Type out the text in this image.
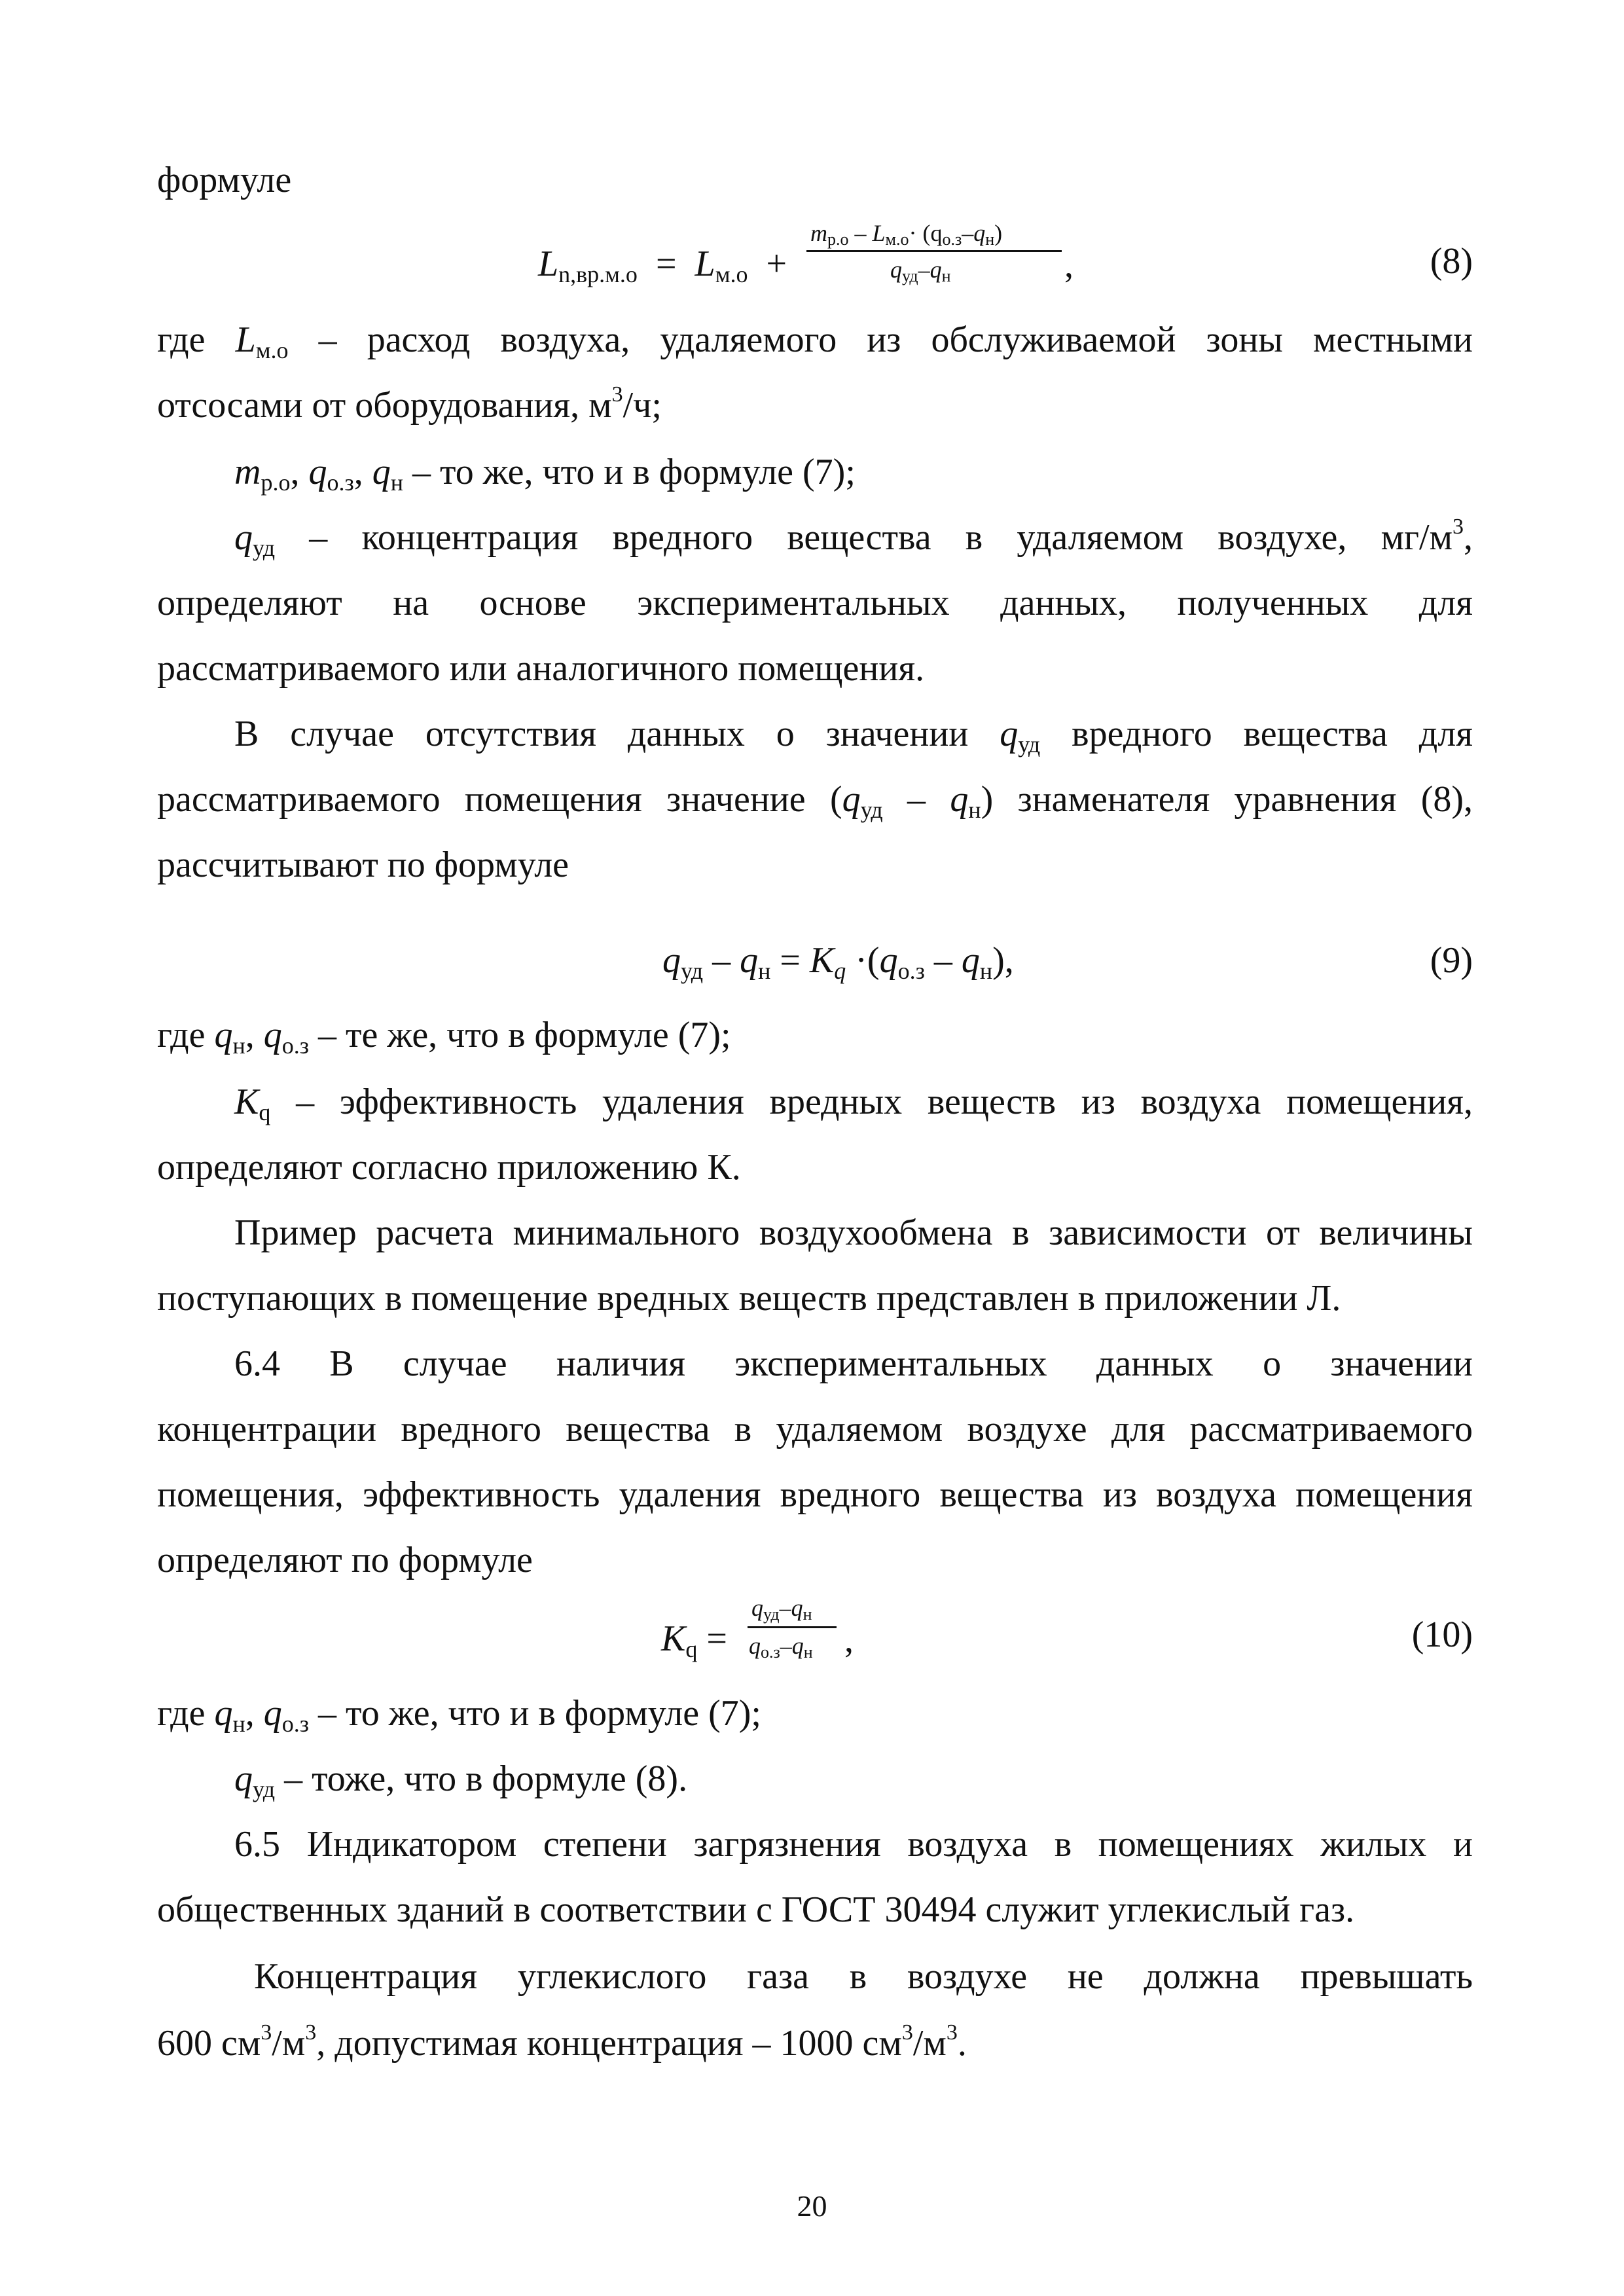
формуле
$L_{n,вр.м.о} = L_{м.о}$ +
$m_{р.о} - L_{м.о}\cdot (q_{о.з}-q_н)$
$q_{уд}-q_н$	,	(8)
где $L_{м.о}$ – расход воздуха, удаляемого из обслуживаемой зоны местными
отсосами от оборудования, $м^3/ч$;
$m_{р.о}$, $q_{о.з}$, $q_н$ – то же, что и в формуле (7);
$q_{уд}$ – концентрация вредного вещества в удаляемом воздухе, $мг/м^3$,
определяют на основе экспериментальных данных, полученных для
рассматриваемого или аналогичного помещения.
В случае отсутствия данных о значении $q_{уд}$ вредного вещества для
рассматриваемого помещения значение $(q_{уд} - q_н)$ знаменателя уравнения (8),
рассчитывают по формуле
$q_{уд} - q_н = K_q \cdot(q_{о.з} - q_н)$,	(9)
где $q_н$, $q_{о.з}$ – те же, что в формуле (7);
$K_q$ – эффективность удаления вредных веществ из воздуха помещения,
определяют согласно приложению К.
Пример расчета минимального воздухообмена в зависимости от величины
поступающих в помещение вредных веществ представлен в приложении Л.
6.4 В случае наличия экспериментальных данных о значении
концентрации вредного вещества в удаляемом воздухе для рассматриваемого
помещения, эффективность удаления вредного вещества из воздуха помещения
определяют по формуле
$K_q$ =
$q_{уд}-q_н$
$q_{о.з}-q_н$ ,	(10)
где $q_н$, $q_{о.з}$ – то же, что и в формуле (7);
$q_{уд}$ – тоже, что в формуле (8).
6.5 Индикатором степени загрязнения воздуха в помещениях жилых и
общественных зданий в соответствии с ГОСТ 30494 служит углекислый газ.
Концентрация углекислого газа в воздухе не должна превышать
600 $см^3/м^3$, допустимая концентрация – 1000 $см^3/м^3$.
20
